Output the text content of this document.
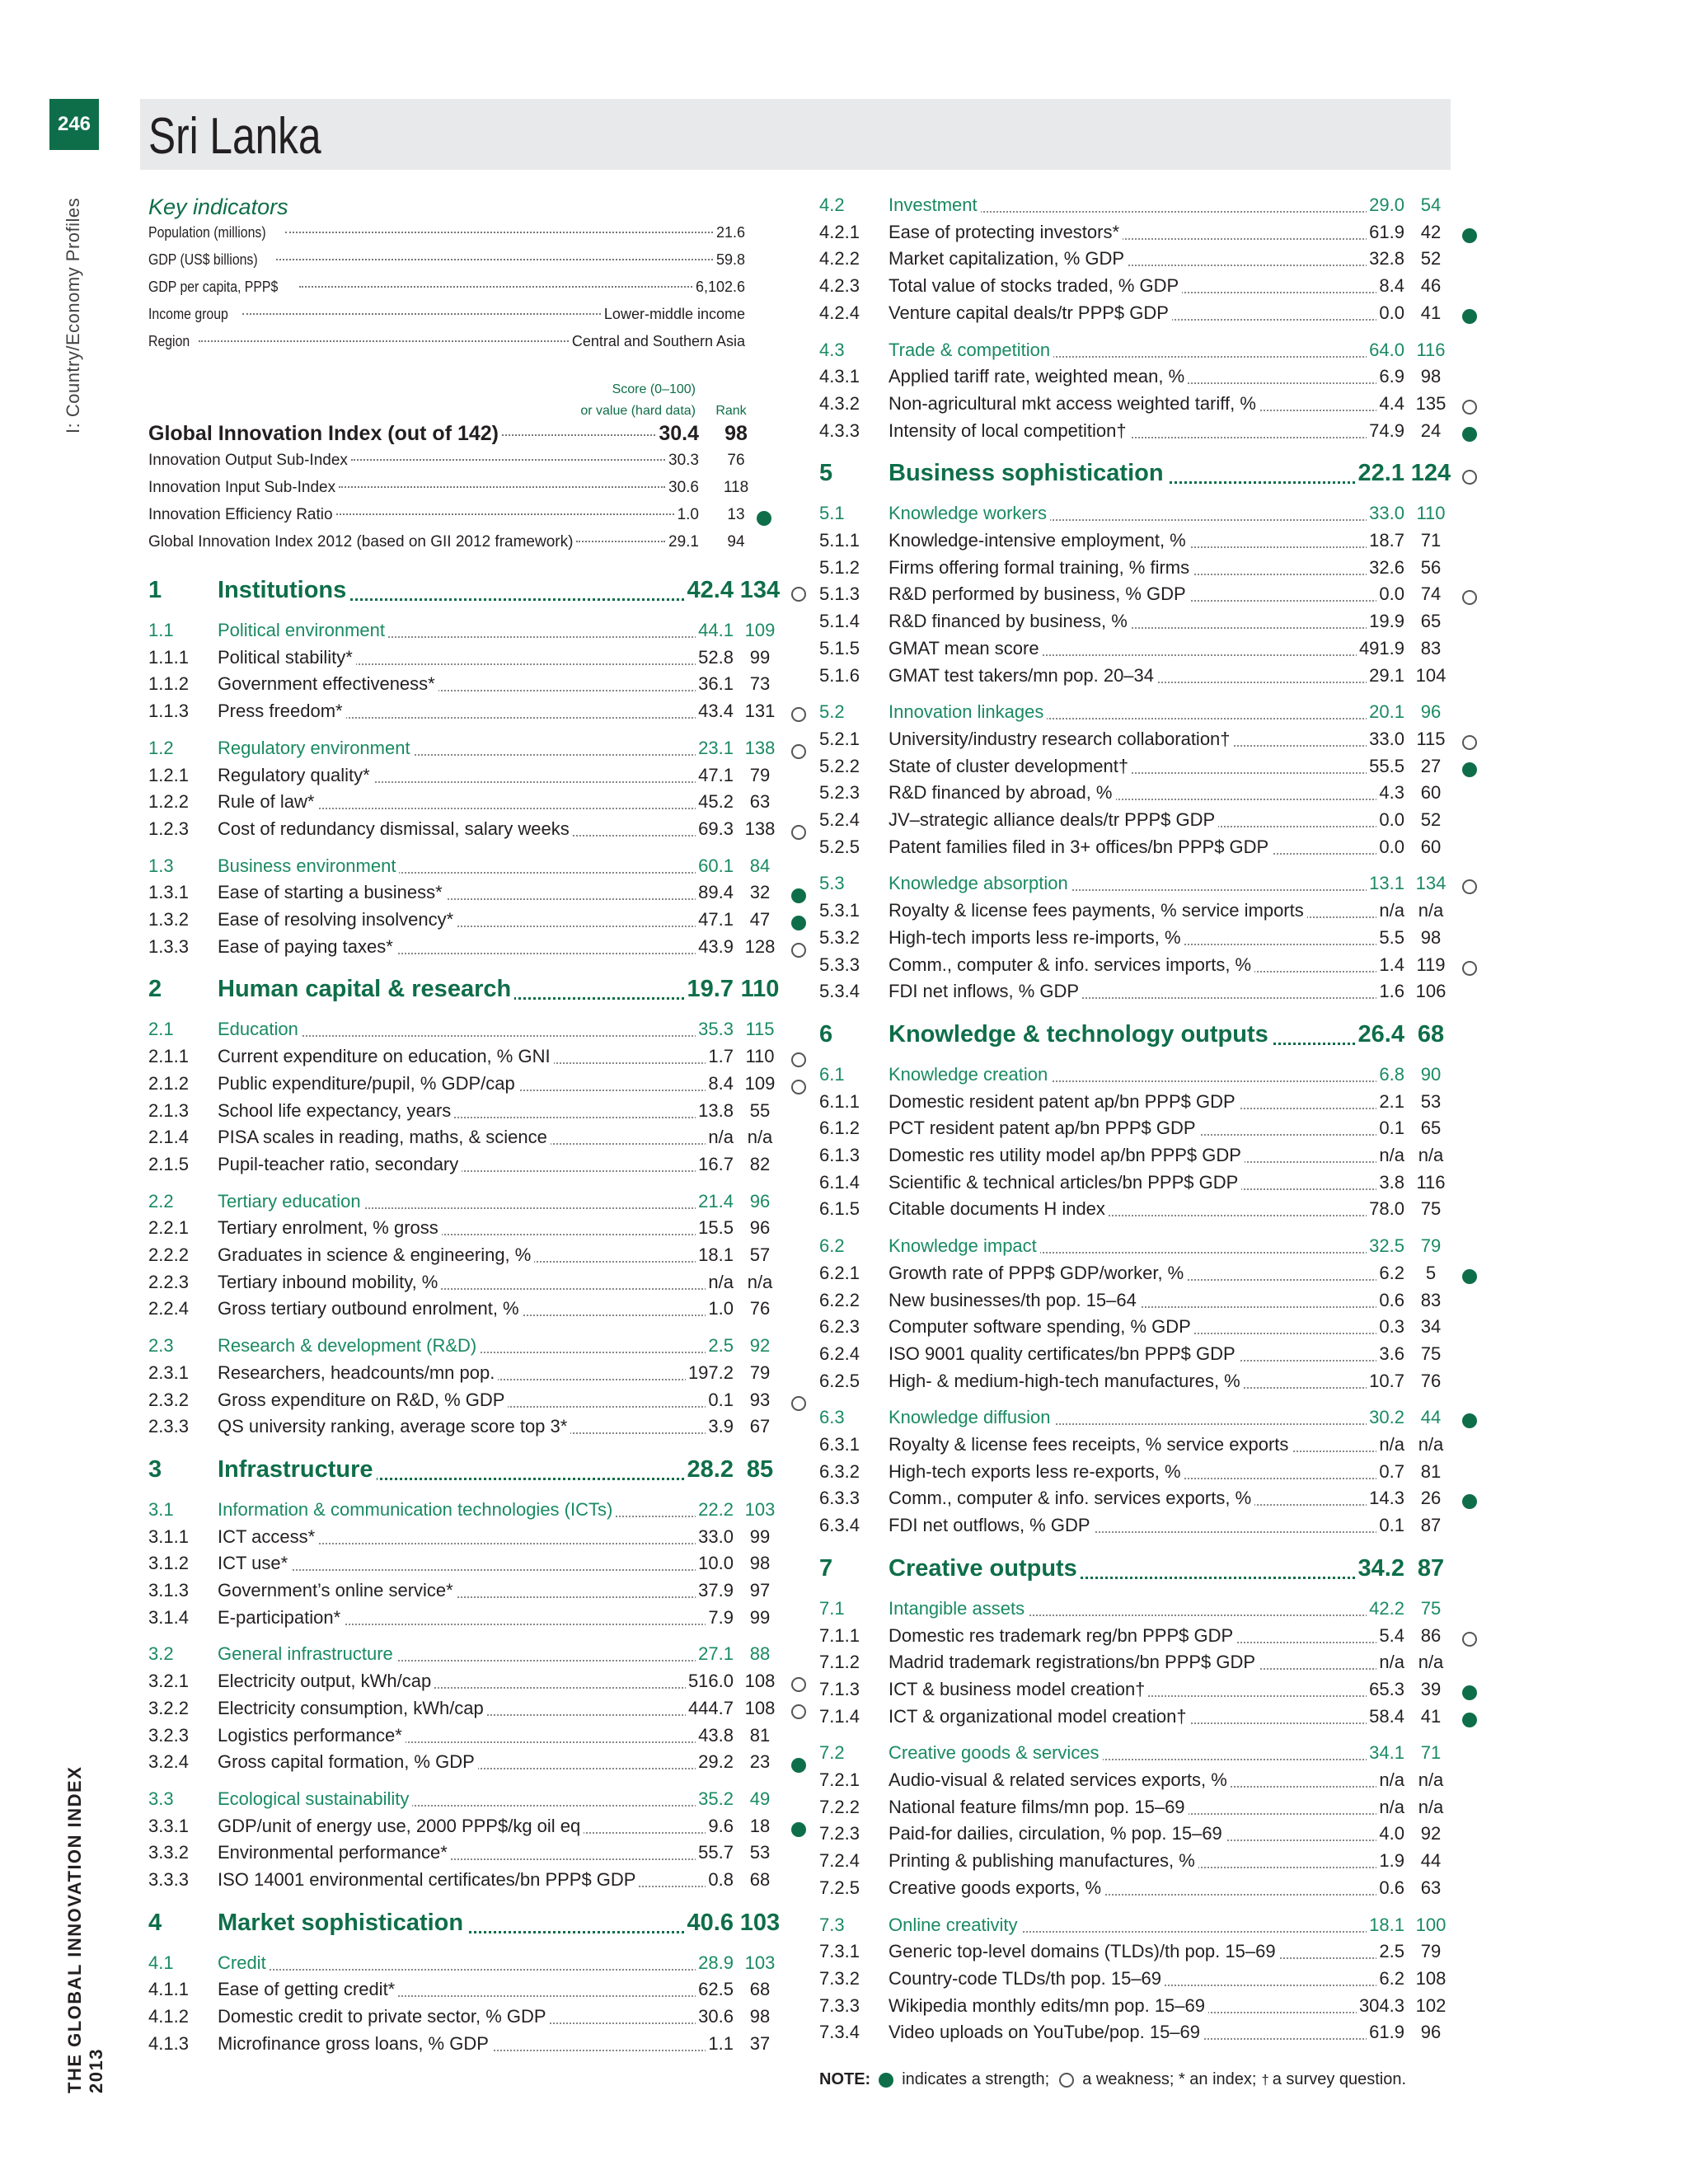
246 Sri Lanka
I: Country/Economy Profiles
THE GLOBAL INNOVATION INDEX 2013
Key indicators
Population (millions)	21.6
GDP (US$ billions)	59.8
GDP per capita, PPP$	6,102.6
Income group	Lower-middle income
Region	Central and Southern Asia
Score (0–100)
or value (hard data)	Rank
Global Innovation Index (out of 142)	30.4	98
Innovation Output Sub-Index	30.3	76
Innovation Input Sub-Index	30.6	118
Innovation Efficiency Ratio	1.0	13
Global Innovation Index 2012 (based on GII 2012 framework)	29.1	94
1 Institutions	42.4 134
1.1 Political environment	44.1 109
1.1.1 Political stability*	52.8 99
1.1.2 Government effectiveness*	36.1 73
1.1.3 Press freedom*	43.4 131
1.2 Regulatory environment	23.1 138
1.2.1 Regulatory quality*	47.1 79
1.2.2 Rule of law*	45.2 63
1.2.3 Cost of redundancy dismissal, salary weeks	69.3 138
1.3 Business environment	60.1 84
1.3.1 Ease of starting a business*	89.4 32
1.3.2 Ease of resolving insolvency*	47.1 47
1.3.3 Ease of paying taxes*	43.9 128
2 Human capital & research	19.7 110
2.1 Education	35.3 115
2.1.1 Current expenditure on education, % GNI	1.7 110
2.1.2 Public expenditure/pupil, % GDP/cap	8.4 109
2.1.3 School life expectancy, years	13.8 55
2.1.4 PISA scales in reading, maths, & science	n/a n/a
2.1.5 Pupil-teacher ratio, secondary	16.7 82
2.2 Tertiary education	21.4 96
2.2.1 Tertiary enrolment, % gross	15.5 96
2.2.2 Graduates in science & engineering, %	18.1 57
2.2.3 Tertiary inbound mobility, %	n/a n/a
2.2.4 Gross tertiary outbound enrolment, %	1.0 76
2.3 Research & development (R&D)	2.5 92
2.3.1 Researchers, headcounts/mn pop.	197.2 79
2.3.2 Gross expenditure on R&D, % GDP	0.1 93
2.3.3 QS university ranking, average score top 3*	3.9 67
3 Infrastructure	28.2 85
3.1 Information & communication technologies (ICTs)	22.2 103
3.1.1 ICT access*	33.0 99
3.1.2 ICT use*	10.0 98
3.1.3 Government’s online service*	37.9 97
3.1.4 E-participation*	7.9 99
3.2 General infrastructure	27.1 88
3.2.1 Electricity output, kWh/cap	516.0 108
3.2.2 Electricity consumption, kWh/cap	444.7 108
3.2.3 Logistics performance*	43.8 81
3.2.4 Gross capital formation, % GDP	29.2 23
3.3 Ecological sustainability	35.2 49
3.3.1 GDP/unit of energy use, 2000 PPP$/kg oil eq	9.6 18
3.3.2 Environmental performance*	55.7 53
3.3.3 ISO 14001 environmental certificates/bn PPP$ GDP	0.8 68
4 Market sophistication	40.6 103
4.1 Credit	28.9 103
4.1.1 Ease of getting credit*	62.5 68
4.1.2 Domestic credit to private sector, % GDP	30.6 98
4.1.3 Microfinance gross loans, % GDP	1.1 37
4.2 Investment	29.0 54
4.2.1 Ease of protecting investors*	61.9 42
4.2.2 Market capitalization, % GDP	32.8 52
4.2.3 Total value of stocks traded, % GDP	8.4 46
4.2.4 Venture capital deals/tr PPP$ GDP	0.0 41
4.3 Trade & competition	64.0 116
4.3.1 Applied tariff rate, weighted mean, %	6.9 98
4.3.2 Non-agricultural mkt access weighted tariff, %	4.4 135
4.3.3 Intensity of local competition†	74.9 24
5 Business sophistication	22.1 124
5.1 Knowledge workers	33.0 110
5.1.1 Knowledge-intensive employment, %	18.7 71
5.1.2 Firms offering formal training, % firms	32.6 56
5.1.3 R&D performed by business, % GDP	0.0 74
5.1.4 R&D financed by business, %	19.9 65
5.1.5 GMAT mean score	491.9 83
5.1.6 GMAT test takers/mn pop. 20–34	29.1 104
5.2 Innovation linkages	20.1 96
5.2.1 University/industry research collaboration†	33.0 115
5.2.2 State of cluster development†	55.5 27
5.2.3 R&D financed by abroad, %	4.3 60
5.2.4 JV–strategic alliance deals/tr PPP$ GDP	0.0 52
5.2.5 Patent families filed in 3+ offices/bn PPP$ GDP	0.0 60
5.3 Knowledge absorption	13.1 134
5.3.1 Royalty & license fees payments, % service imports	n/a n/a
5.3.2 High-tech imports less re-imports, %	5.5 98
5.3.3 Comm., computer & info. services imports, %	1.4 119
5.3.4 FDI net inflows, % GDP	1.6 106
6 Knowledge & technology outputs	26.4 68
6.1 Knowledge creation	6.8 90
6.1.1 Domestic resident patent ap/bn PPP$ GDP	2.1 53
6.1.2 PCT resident patent ap/bn PPP$ GDP	0.1 65
6.1.3 Domestic res utility model ap/bn PPP$ GDP	n/a n/a
6.1.4 Scientific & technical articles/bn PPP$ GDP	3.8 116
6.1.5 Citable documents H index	78.0 75
6.2 Knowledge impact	32.5 79
6.2.1 Growth rate of PPP$ GDP/worker, %	6.2	5
6.2.2 New businesses/th pop. 15–64	0.6 83
6.2.3 Computer software spending, % GDP	0.3 34
6.2.4 ISO 9001 quality certificates/bn PPP$ GDP	3.6 75
6.2.5 High- & medium-high-tech manufactures, %	10.7 76
6.3 Knowledge diffusion	30.2 44
6.3.1 Royalty & license fees receipts, % service exports	n/a n/a
6.3.2 High-tech exports less re-exports, %	0.7 81
6.3.3 Comm., computer & info. services exports, %	14.3 26
6.3.4 FDI net outflows, % GDP	0.1 87
7 Creative outputs	34.2 87
7.1 Intangible assets	42.2 75
7.1.1 Domestic res trademark reg/bn PPP$ GDP	5.4 86
7.1.2 Madrid trademark registrations/bn PPP$ GDP	n/a n/a
7.1.3 ICT & business model creation†	65.3 39
7.1.4 ICT & organizational model creation†	58.4 41
7.2 Creative goods & services	34.1 71
7.2.1 Audio-visual & related services exports, %	n/a n/a
7.2.2 National feature films/mn pop. 15–69	n/a n/a
7.2.3 Paid-for dailies, circulation, % pop. 15–69	4.0 92
7.2.4 Printing & publishing manufactures, %	1.9 44
7.2.5 Creative goods exports, %	0.6 63
7.3 Online creativity	18.1 100
7.3.1 Generic top-level domains (TLDs)/th pop. 15–69	2.5 79
7.3.2 Country-code TLDs/th pop. 15–69	6.2 108
7.3.3 Wikipedia monthly edits/mn pop. 15–69	304.3 102
7.3.4 Video uploads on YouTube/pop. 15–69	61.9 96
NOTE: indicates a strength; a weakness; * an index; † a survey question.
